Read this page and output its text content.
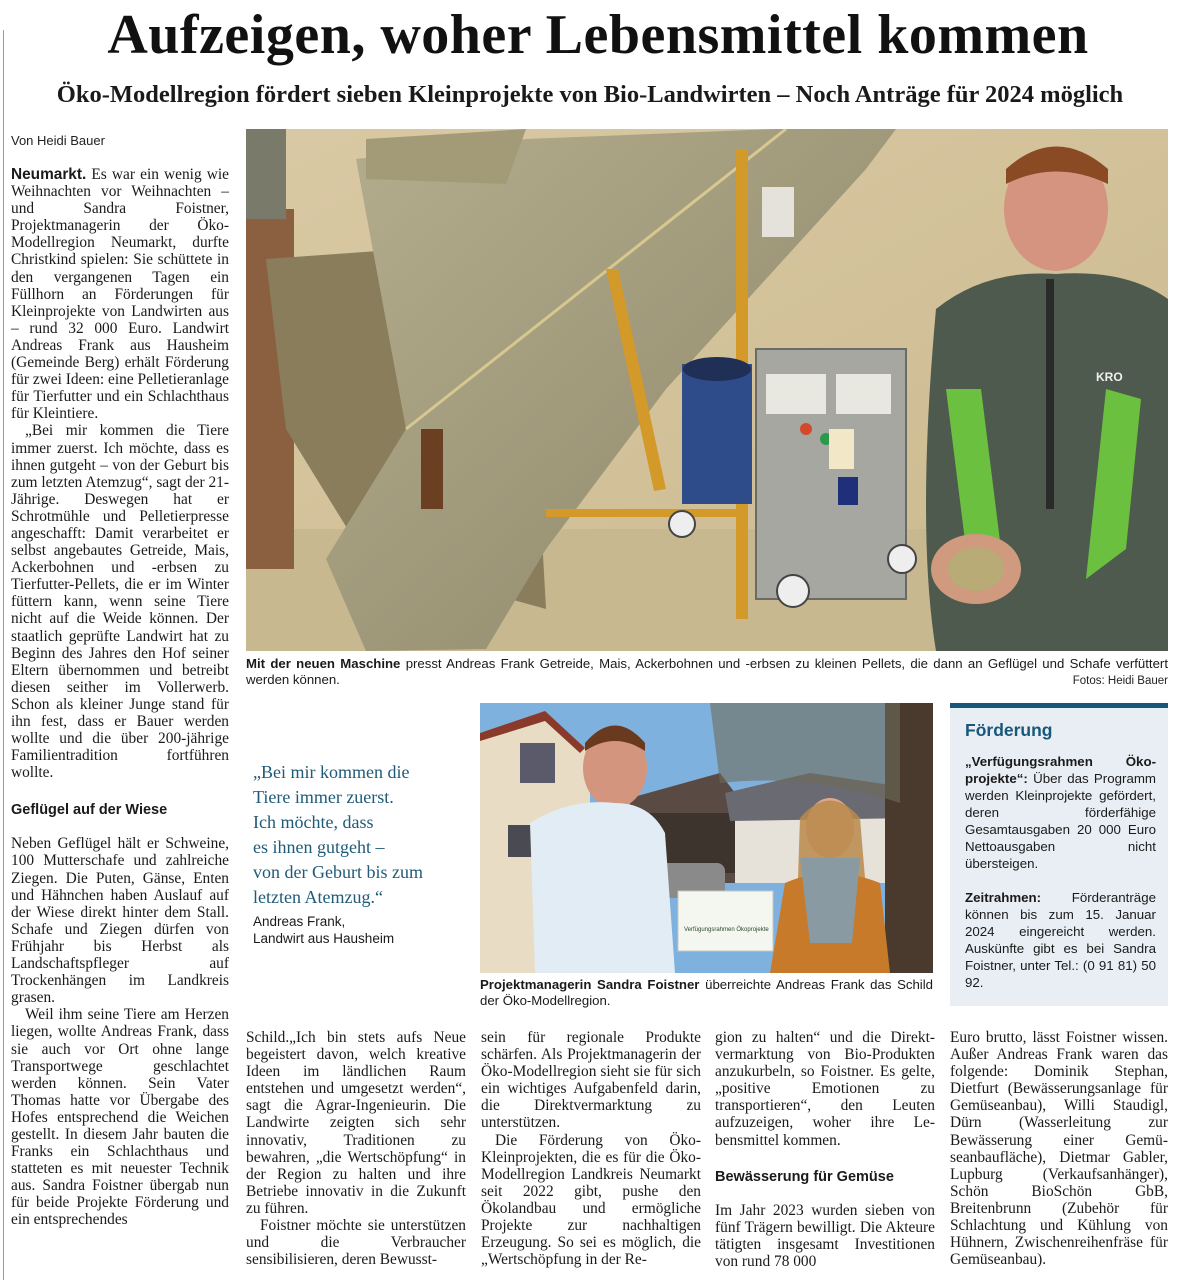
Aufzeigen, woher Lebensmittel kommen
Öko-Modellregion fördert sieben Kleinprojekte von Bio-Landwirten – Noch Anträge für 2024 möglich
Von Heidi Bauer

Neumarkt. Es war ein wenig wie Weihnachten vor Weihnachten – und Sandra Foistner, Projektmanagerin der Öko-Modellregion Neumarkt, durfte Christkind spielen: Sie schüttete in den vergangenen Tagen ein Füllhorn an Förderungen für Kleinprojekte von Landwirten aus – rund 32 000 Euro. Landwirt Andreas Frank aus Hausheim (Gemeinde Berg) erhält Förderung für zwei Ideen: eine Pelletieranlage für Tierfutter und ein Schlachthaus für Kleintiere.

„Bei mir kommen die Tiere immer zuerst. Ich möchte, dass es ihnen gutgeht – von der Geburt bis zum letzten Atemzug“, sagt der 21-Jährige. Deswegen hat er Schrotmühle und Pelletierpresse angeschafft: Damit verarbeitet er selbst angebautes Getreide, Mais, Ackerbohnen und -erbsen zu Tierfutter-Pellets, die er im Winter füttern kann, wenn seine Tiere nicht auf die Weide können. Der staatlich geprüfte Landwirt hat zu Beginn des Jahres den Hof seiner Eltern übernommen und betreibt diesen seither im Vollerwerb. Schon als kleiner Junge stand für ihn fest, dass er Bauer werden wollte und die über 200-jährige Familientradition fortführen wollte.

Geflügel auf der Wiese

Neben Geflügel hält er Schweine, 100 Mutterschafe und zahlreiche Ziegen. Die Puten, Gänse, Enten und Hähnchen haben Auslauf auf der Wiese direkt hinter dem Stall. Schafe und Ziegen dürfen von Frühjahr bis Herbst als Landschaftspfleger auf Trockenhängen im Landkreis grasen.

Weil ihm seine Tiere am Herzen liegen, wollte Andreas Frank, dass sie auch vor Ort ohne lange Transportwege geschlachtet werden können. Sein Vater Thomas hatte vor Übergabe des Hofes entsprechend die Weichen gestellt. In diesem Jahr bauten die Franks ein Schlachthaus und statteten es mit neuester Technik aus. Sandra Foistner übergab nun für beide Projekte Förderung und ein entsprechendes

KRO
Mit der neuen Maschine presst Andreas Frank Getreide, Mais, Ackerbohnen und -erbsen zu kleinen Pellets, die dann an Geflügel und Schafe verfüttert werden können.	Fotos: Heidi Bauer
„Bei mir kommen die
Tiere immer zuerst.
Ich möchte, dass
es ihnen gutgeht –
von der Geburt bis zum
letzten Atemzug.“
Andreas Frank,
Landwirt aus Hausheim
Verfügungsrahmen Ökoprojekte
Projektmanagerin Sandra Foistner überreichte Andreas Frank das Schild der Öko-Modellregion.
Förderung
„Verfügungsrahmen Ökoprojekte“: Über das Programm werden Kleinprojekte gefördert, deren förderfähige Gesamtausgaben 20 000 Euro Nettoausgaben nicht übersteigen.
Zeitrahmen: Förderanträge können bis zum 15. Januar 2024 eingereicht werden. Auskünfte gibt es bei Sandra Foistner, unter Tel.: (0 91 81) 50 92.

Schild.„Ich bin stets aufs Neue begeistert davon, welch kreative Ideen im ländlichen Raum entstehen und umgesetzt werden“, sagt die Agrar-Ingenieurin. Die Landwirte zeigten sich sehr innovativ, Traditionen zu bewahren, „die Wertschöpfung“ in der Region zu halten und ihre Betriebe innovativ in die Zukunft zu führen.

Foistner möchte sie unterstützen und die Verbraucher sensibilisieren, deren Bewusst-

sein für regionale Produkte schärfen. Als Projektmanagerin der Öko-Modellregion sieht sie für sich ein wichtiges Aufgabenfeld darin, die Direktvermarktung zu unterstützen.

Die Förderung von Öko-Kleinprojekten, die es für die Öko-Modellregion Landkreis Neumarkt seit 2022 gibt, pushe den Ökolandbau und ermögliche Projekte zur nachhaltigen Erzeugung. So sei es möglich, die „Wertschöpfung in der Re-

gion zu halten“ und die Direktvermarktung von Bio-Produkten anzukurbeln, so Foistner. Es gelte, „positive Emotionen zu transportieren“, den Leuten aufzuzeigen, woher ihre Lebensmittel kommen.

Bewässerung für Gemüse

Im Jahr 2023 wurden sieben von fünf Trägern bewilligt. Die Akteure tätigten insgesamt Investitionen von rund 78 000

Euro brutto, lässt Foistner wissen. Außer Andreas Frank waren das folgende: Dominik Stephan, Dietfurt (Bewässerungsanlage für Gemüseanbau), Willi Staudigl, Dürn (Wasserleitung zur Bewässerung einer Gemüseanbaufläche), Dietmar Gabler, Lupburg (Verkaufsanhänger), Schön BioSchön GbB, Breitenbrunn (Zubehör für Schlachtung und Kühlung von Hühnern, Zwischenreihenfräse für Gemüseanbau).
